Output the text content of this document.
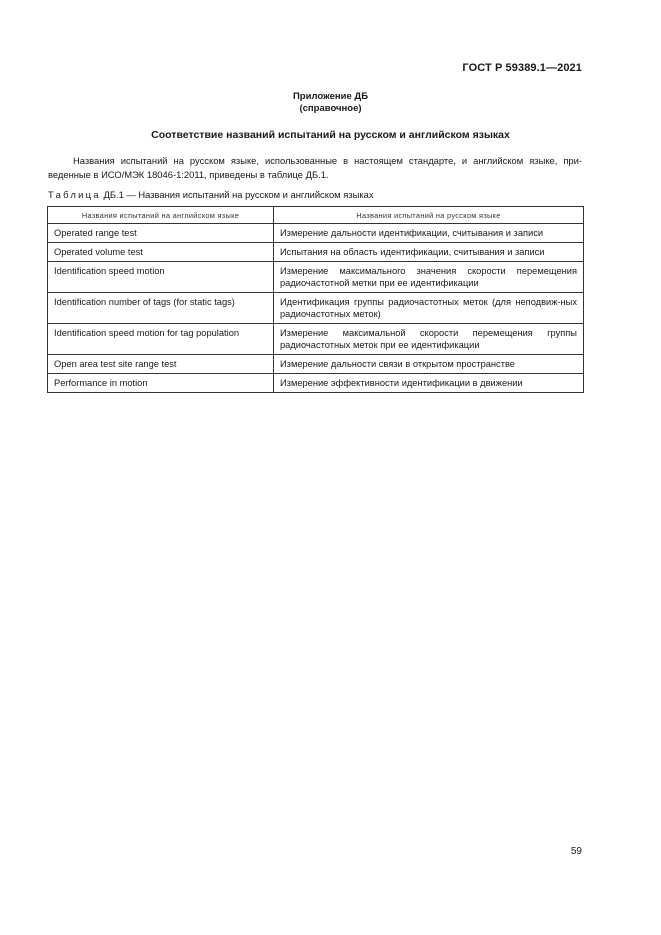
ГОСТ Р 59389.1—2021
Приложение ДБ
(справочное)
Соответствие названий испытаний на русском и английском языках
Названия испытаний на русском языке, использованные в настоящем стандарте, и английском языке, при-
веденные в ИСО/МЭК 18046-1:2011, приведены в таблице ДБ.1.
Таблица ДБ.1 — Названия испытаний на русском и английском языках
Названия испытаний на английском языке	Названия испытаний на русском языке
Operated range test	Измерение дальности идентификации, считывания и записи
Operated volume test	Испытания на область идентификации, считывания и записи
Identification speed motion	Измерение максимального значения скорости перемещения радиочастотной метки при ее идентификации
Identification number of tags (for static tags)	Идентификация группы радиочастотных меток (для неподвиж-ных радиочастотных меток)
Identification speed motion for tag population	Измерение максимальной скорости перемещения группы радиочастотных меток при ее идентификации
Open area test site range test	Измерение дальности связи в открытом пространстве
Performance in motion	Измерение эффективности идентификации в движении
59
